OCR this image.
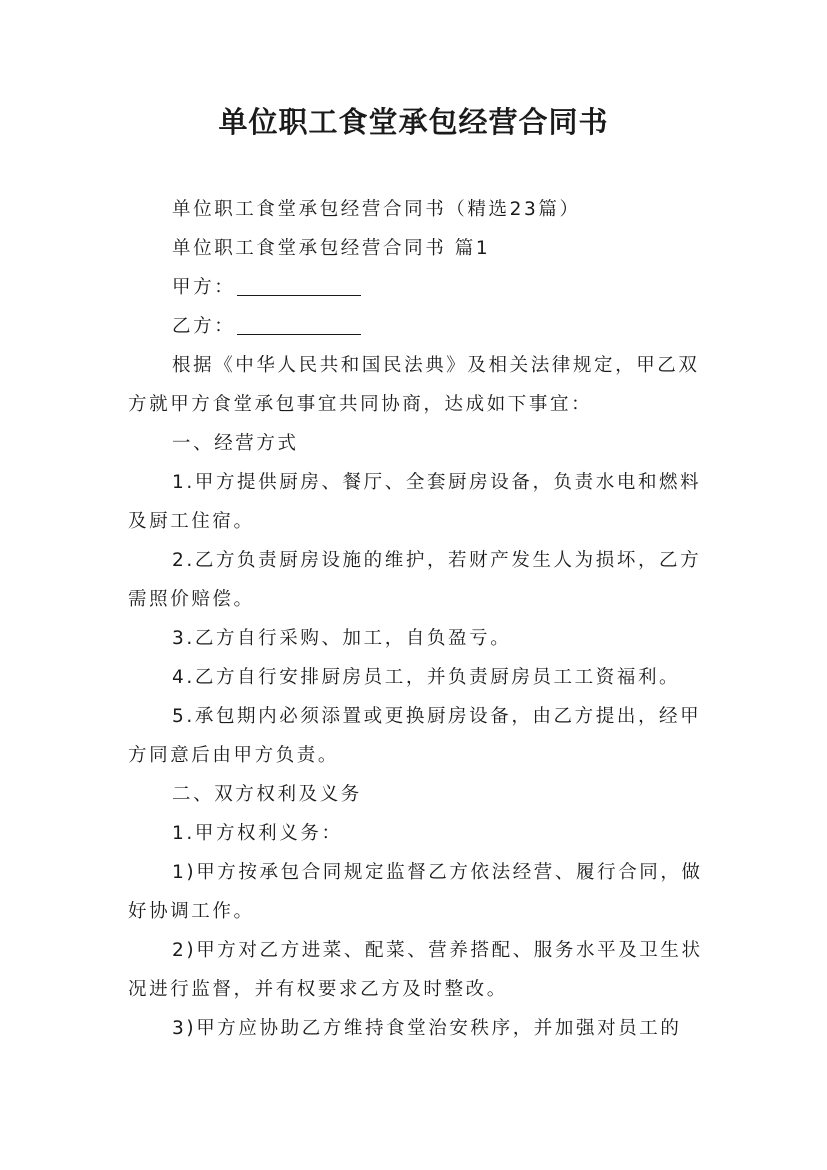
单位职工食堂承包经营合同书

单位职工食堂承包经营合同书（精选23篇）

单位职工食堂承包经营合同书 篇1

甲方：

乙方：

根据《中华人民共和国民法典》及相关法律规定，甲乙双方就甲方食堂承包事宜共同协商，达成如下事宜：

一、经营方式

1.甲方提供厨房、餐厅、全套厨房设备，负责水电和燃料及厨工住宿。

2.乙方负责厨房设施的维护，若财产发生人为损坏，乙方需照价赔偿。

3.乙方自行采购、加工，自负盈亏。

4.乙方自行安排厨房员工，并负责厨房员工工资福利。

5.承包期内必须添置或更换厨房设备，由乙方提出，经甲方同意后由甲方负责。

二、双方权利及义务

1.甲方权利义务：

1)甲方按承包合同规定监督乙方依法经营、履行合同，做好协调工作。

2)甲方对乙方进菜、配菜、营养搭配、服务水平及卫生状况进行监督，并有权要求乙方及时整改。

3)甲方应协助乙方维持食堂治安秩序，并加强对员工的
